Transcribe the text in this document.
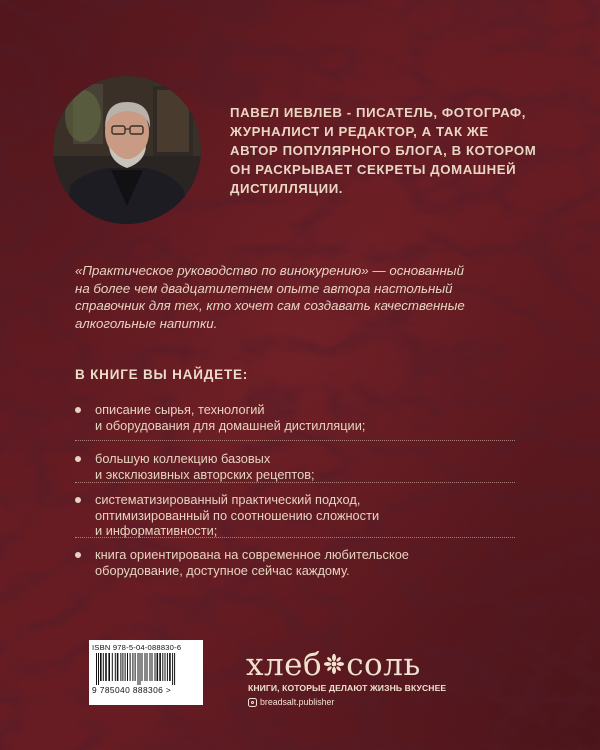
ПАВЕЛ ИЕВЛЕВ - ПИСАТЕЛЬ, ФОТОГРАФ,
ЖУРНАЛИСТ И РЕДАКТОР, А ТАК ЖЕ
АВТОР ПОПУЛЯРНОГО БЛОГА, В КОТОРОМ
ОН РАСКРЫВАЕТ СЕКРЕТЫ ДОМАШНЕЙ
ДИСТИЛЛЯЦИИ.
«Практическое руководство по винокурению» — основанный
на более чем двадцатилетнем опыте автора настольный
справочник для тех, кто хочет сам создавать качественные
алкогольные напитки.
В КНИГЕ ВЫ НАЙДЕТЕ:
описание сырья, технологий
и оборудования для домашней дистилляции;
большую коллекцию базовых
и эксклюзивных авторских рецептов;
систематизированный практический подход,
оптимизированный по соотношению сложности
и информативности;
книга ориентирована на современное любительское
оборудование, доступное сейчас каждому.
ISBN 978-5-04-088830-6
9 785040 888306 >
хлеб соль
КНИГИ, КОТОРЫЕ ДЕЛАЮТ ЖИЗНЬ ВКУСНЕЕ
breadsalt.publisher
